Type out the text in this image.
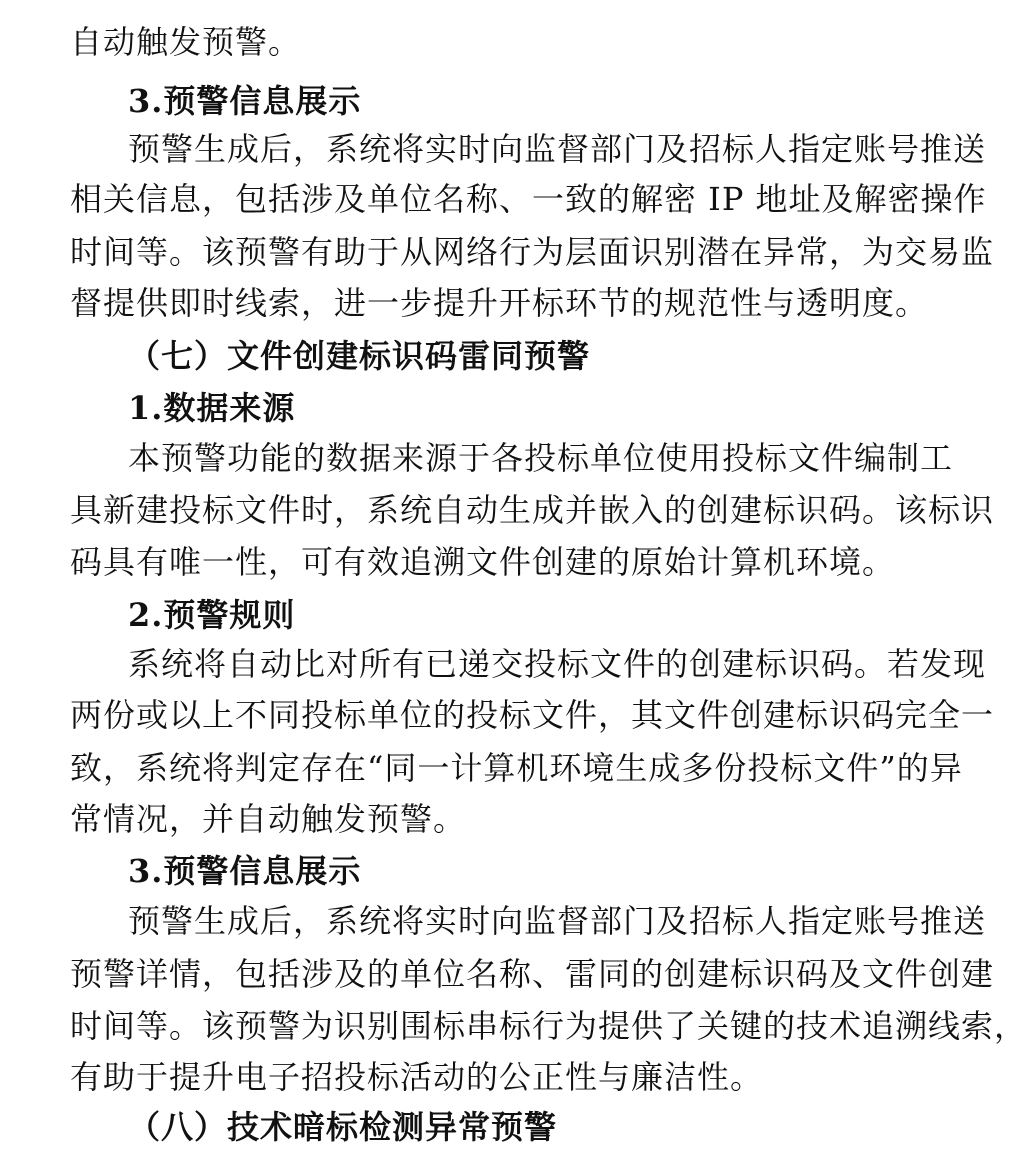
自动触发预警。
3.预警信息展示
预警生成后，系统将实时向监督部门及招标人指定账号推送
相关信息，包括涉及单位名称、一致的解密 IP 地址及解密操作
时间等。该预警有助于从网络行为层面识别潜在异常，为交易监
督提供即时线索，进一步提升开标环节的规范性与透明度。
（七）文件创建标识码雷同预警
1.数据来源
本预警功能的数据来源于各投标单位使用投标文件编制工
具新建投标文件时，系统自动生成并嵌入的创建标识码。该标识
码具有唯一性，可有效追溯文件创建的原始计算机环境。
2.预警规则
系统将自动比对所有已递交投标文件的创建标识码。若发现
两份或以上不同投标单位的投标文件，其文件创建标识码完全一
致，系统将判定存在“同一计算机环境生成多份投标文件”的异
常情况，并自动触发预警。
3.预警信息展示
预警生成后，系统将实时向监督部门及招标人指定账号推送
预警详情，包括涉及的单位名称、雷同的创建标识码及文件创建
时间等。该预警为识别围标串标行为提供了关键的技术追溯线索，
有助于提升电子招投标活动的公正性与廉洁性。
（八）技术暗标检测异常预警
